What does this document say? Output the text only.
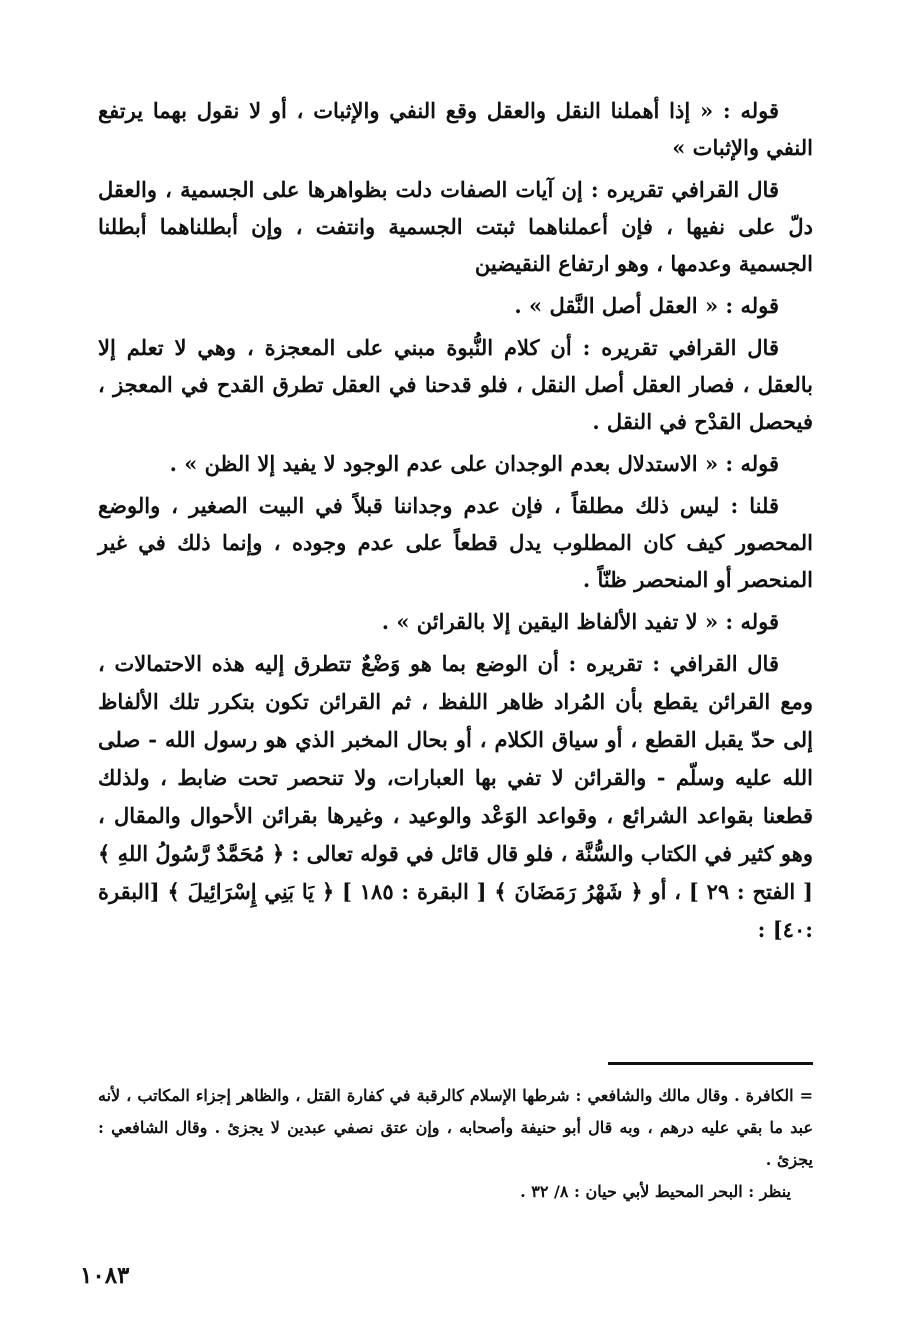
قوله : « إذا أهملنا النقل والعقل وقع النفي والإثبات ، أو لا نقول بهما يرتفع النفي والإثبات »

قال القرافي تقريره : إن آيات الصفات دلت بظواهرها على الجسمية ، والعقل دلّ على نفيها ، فإن أعملناهما ثبتت الجسمية وانتفت ، وإن أبطلناهما أبطلنا الجسمية وعدمها ، وهو ارتفاع النقيضين

قوله : « العقل أصل النَّقل » .

قال القرافي تقريره : أن كلام النُّبوة مبني على المعجزة ، وهي لا تعلم إلا بالعقل ، فصار العقل أصل النقل ، فلو قدحنا في العقل تطرق القدح في المعجز ، فيحصل القدْح في النقل .

قوله : « الاستدلال بعدم الوجدان على عدم الوجود لا يفيد إلا الظن » .

قلنا : ليس ذلك مطلقاً ، فإن عدم وجداننا قبلاً في البيت الصغير ، والوضع المحصور كيف كان المطلوب يدل قطعاً على عدم وجوده ، وإنما ذلك في غير المنحصر أو المنحصر ظنّاً .

قوله : « لا تفيد الألفاظ اليقين إلا بالقرائن » .

قال القرافي : تقريره : أن الوضع بما هو وَضْعٌ تتطرق إليه هذه الاحتمالات ، ومع القرائن يقطع بأن المُراد ظاهر اللفظ ، ثم القرائن تكون بتكرر تلك الألفاظ إلى حدّ يقبل القطع ، أو سياق الكلام ، أو بحال المخبر الذي هو رسول الله - صلى الله عليه وسلّم - والقرائن لا تفي بها العبارات، ولا تنحصر تحت ضابط ، ولذلك قطعنا بقواعد الشرائع ، وقواعد الوَعْد والوعيد ، وغيرها بقرائن الأحوال والمقال ، وهو كثير في الكتاب والسُّنَّة ، فلو قال قائل في قوله تعالى : ﴿ مُحَمَّدٌ رَّسُولُ اللهِ ﴾ [ الفتح : ٢٩ ] ، أو ﴿ شَهْرُ رَمَضَانَ ﴾ [ البقرة : ١٨٥ ] ﴿ يَا بَنِي إِسْرَائِيلَ ﴾ [البقرة :٤٠] :

= الكافرة . وقال مالك والشافعي : شرطها الإسلام كالرقبة في كفارة القتل ، والظاهر إجزاء المكاتب ، لأنه عبد ما بقي عليه درهم ، وبه قال أبو حنيفة وأصحابه ، وإن عتق نصفي عبدين لا يجزئ . وقال الشافعي : يجزئ .

ينظر : البحر المحيط لأبي حيان : ٨/ ٣٢ .

١٠٨٣
